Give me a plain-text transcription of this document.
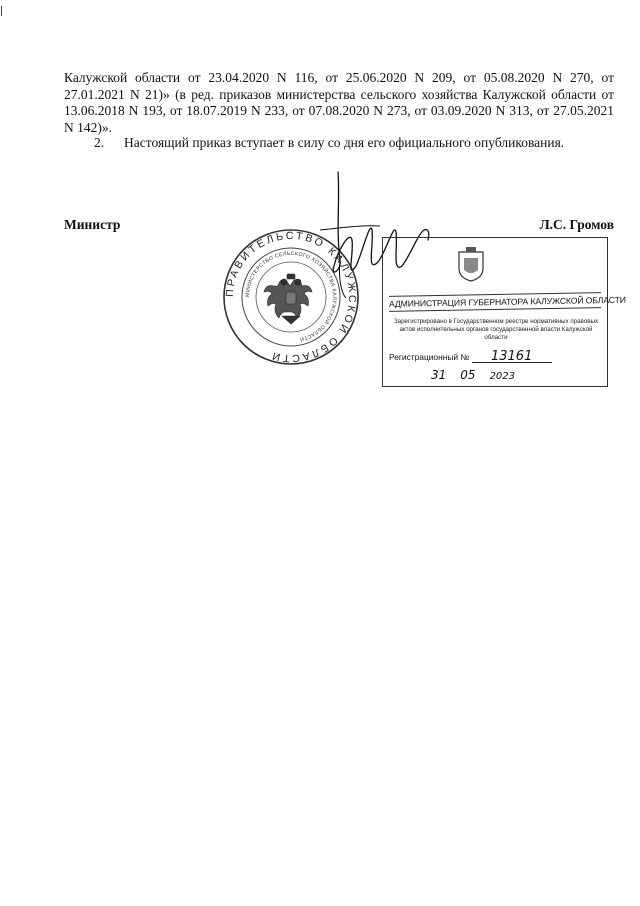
Калужской области от 23.04.2020 N 116, от 25.06.2020 N 209, от 05.08.2020 N 270, от 27.01.2021 N 21)» (в ред. приказов министерства сельского хозяйства Калужской области от 13.06.2018 N 193, от 18.07.2019 N 233, от 07.08.2020 N 273, от 03.09.2020 N 313, от 27.05.2021 N 142)».
2. Настоящий приказ вступает в силу со дня его официального опубликования.
Министр	Л.С. Громов
ПРАВИТЕЛЬСТВО КАЛУЖСКОЙ ОБЛАСТИ
МИНИСТЕРСТВО СЕЛЬСКОГО ХОЗЯЙСТВА КАЛУЖСКОЙ ОБЛАСТИ
АДМИНИСТРАЦИЯ ГУБЕРНАТОРА КАЛУЖСКОЙ ОБЛАСТИ
Зарегистрировано в Государственном реестре нормативных правовых актов исполнительных органов государственной власти Калужской области
Регистрационный № 13161
31 05 2023
